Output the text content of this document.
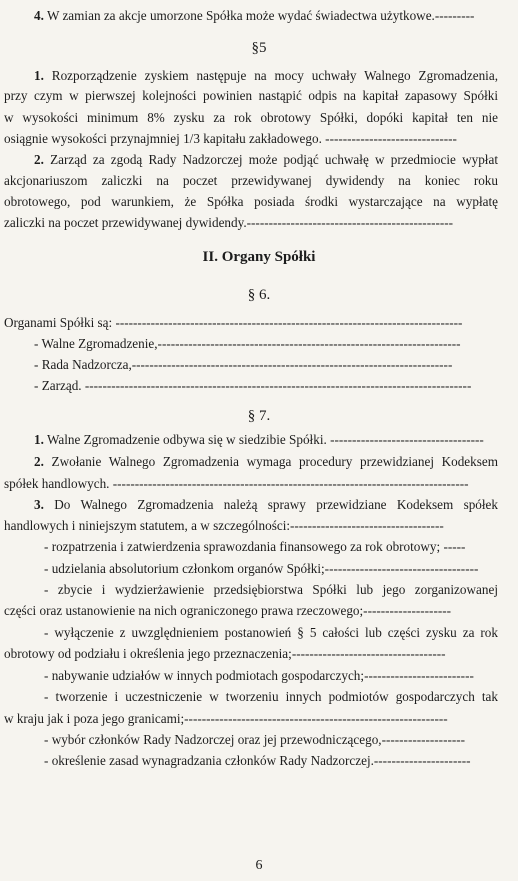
4. W zamian za akcje umorzone Spółka może wydać świadectwa użytkowe.---------
§5
1. Rozporządzenie zyskiem następuje na mocy uchwały Walnego Zgromadzenia,
przy czym w pierwszej kolejności powinien nastąpić odpis na kapitał zapasowy Spółki
w wysokości minimum 8% zysku za rok obrotowy Spółki, dopóki kapitał ten nie
osiągnie wysokości przynajmniej 1/3 kapitału zakładowego. ------------------------------
2. Zarząd za zgodą Rady Nadzorczej może podjąć uchwałę w przedmiocie wypłat
akcjonariuszom zaliczki na poczet przewidywanej dywidendy na koniec roku
obrotowego, pod warunkiem, że Spółka posiada środki wystarczające na wypłatę
zaliczki na poczet przewidywanej dywidendy.-----------------------------------------------
II. Organy Spółki
§ 6.
Organami Spółki są: -------------------------------------------------------------------------------
- Walne Zgromadzenie,---------------------------------------------------------------------
- Rada Nadzorcza,-------------------------------------------------------------------------
- Zarząd. ----------------------------------------------------------------------------------------
§ 7.
1. Walne Zgromadzenie odbywa się w siedzibie Spółki. -----------------------------------
2. Zwołanie Walnego Zgromadzenia wymaga procedury przewidzianej Kodeksem
spółek handlowych. ---------------------------------------------------------------------------------
3. Do Walnego Zgromadzenia należą sprawy przewidziane Kodeksem spółek
handlowych i niniejszym statutem, a w szczególności:-----------------------------------
- rozpatrzenia i zatwierdzenia sprawozdania finansowego za rok obrotowy; -----
- udzielania absolutorium członkom organów Spółki;-----------------------------------
- zbycie i wydzierżawienie przedsiębiorstwa Spółki lub jego zorganizowanej
części oraz ustanowienie na nich ograniczonego prawa rzeczowego;--------------------
- wyłączenie z uwzględnieniem postanowień § 5 całości lub części zysku za rok
obrotowy od podziału i określenia jego przeznaczenia;-----------------------------------
- nabywanie udziałów w innych podmiotach gospodarczych;-------------------------
- tworzenie i uczestniczenie w tworzeniu innych podmiotów gospodarczych tak
w kraju jak i poza jego granicami;------------------------------------------------------------
- wybór członków Rady Nadzorczej oraz jej przewodniczącego,-------------------
- określenie zasad wynagradzania członków Rady Nadzorczej.----------------------
6
